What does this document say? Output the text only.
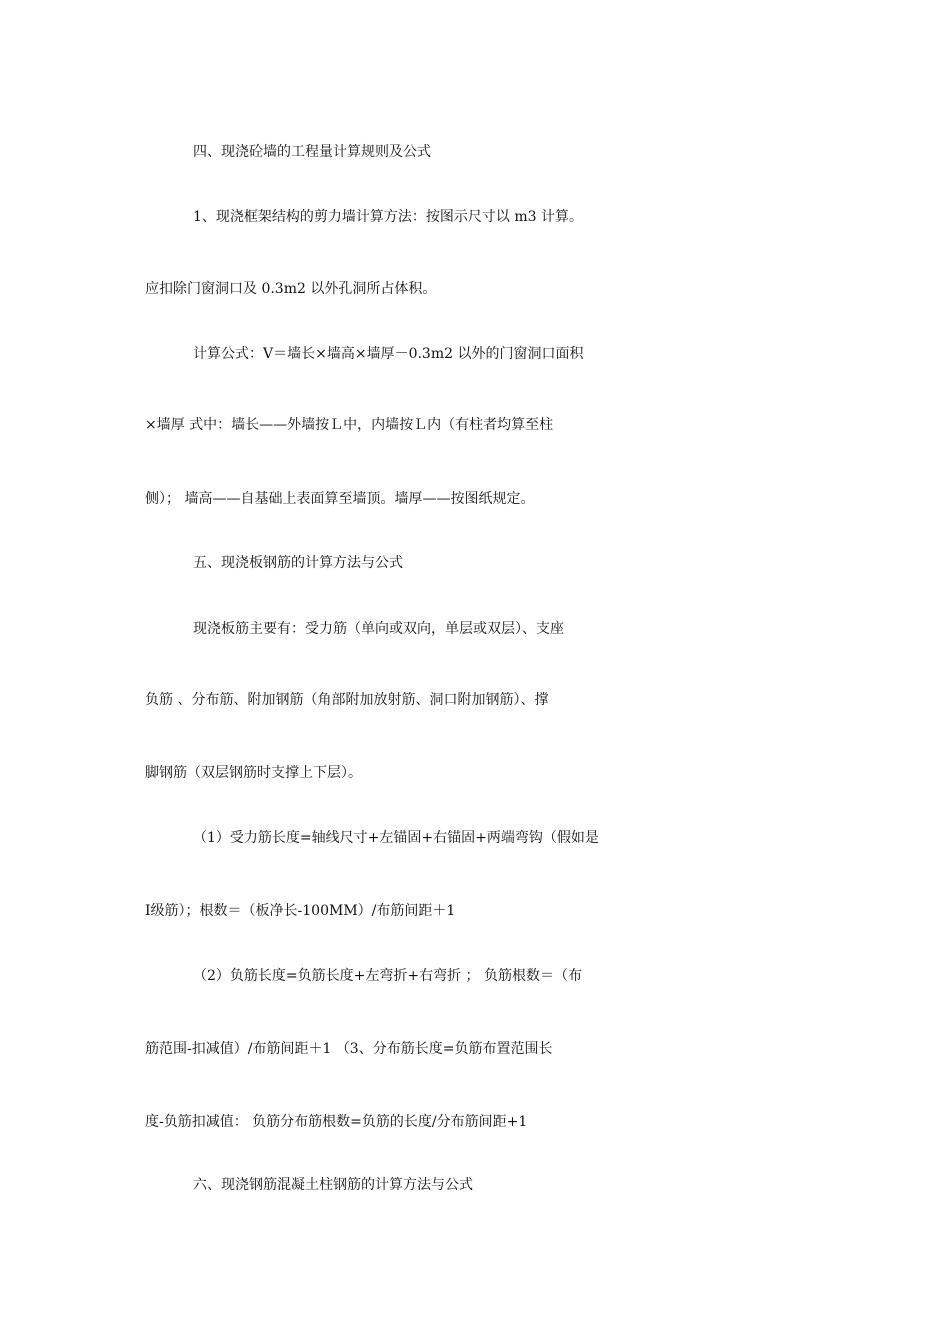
四、现浇砼墙的工程量计算规则及公式
1、现浇框架结构的剪力墙计算方法：按图示尺寸以 m3 计算。
应扣除门窗洞口及 0.3m2 以外孔洞所占体积。
计算公式：V＝墙长×墙高×墙厚－0.3m2 以外的门窗洞口面积
×墙厚 式中：墙长——外墙按Ｌ中，内墙按Ｌ内（有柱者均算至柱
侧）； 墙高——自基础上表面算至墙顶。墙厚——按图纸规定。
五、现浇板钢筋的计算方法与公式
现浇板筋主要有：受力筋（单向或双向，单层或双层）、支座
负筋 、分布筋、附加钢筋（角部附加放射筋、洞口附加钢筋）、撑
脚钢筋（双层钢筋时支撑上下层）。
（1）受力筋长度=轴线尺寸+左锚固+右锚固+两端弯钩（假如是
Ⅰ级筋）；根数＝（板净长-100MM）/布筋间距＋1
（2）负筋长度=负筋长度+左弯折+右弯折 ； 负筋根数＝（布
筋范围-扣减值）/布筋间距＋1 （3、分布筋长度=负筋布置范围长
度-负筋扣减值： 负筋分布筋根数=负筋的长度/分布筋间距+1
六、现浇钢筋混凝土柱钢筋的计算方法与公式
